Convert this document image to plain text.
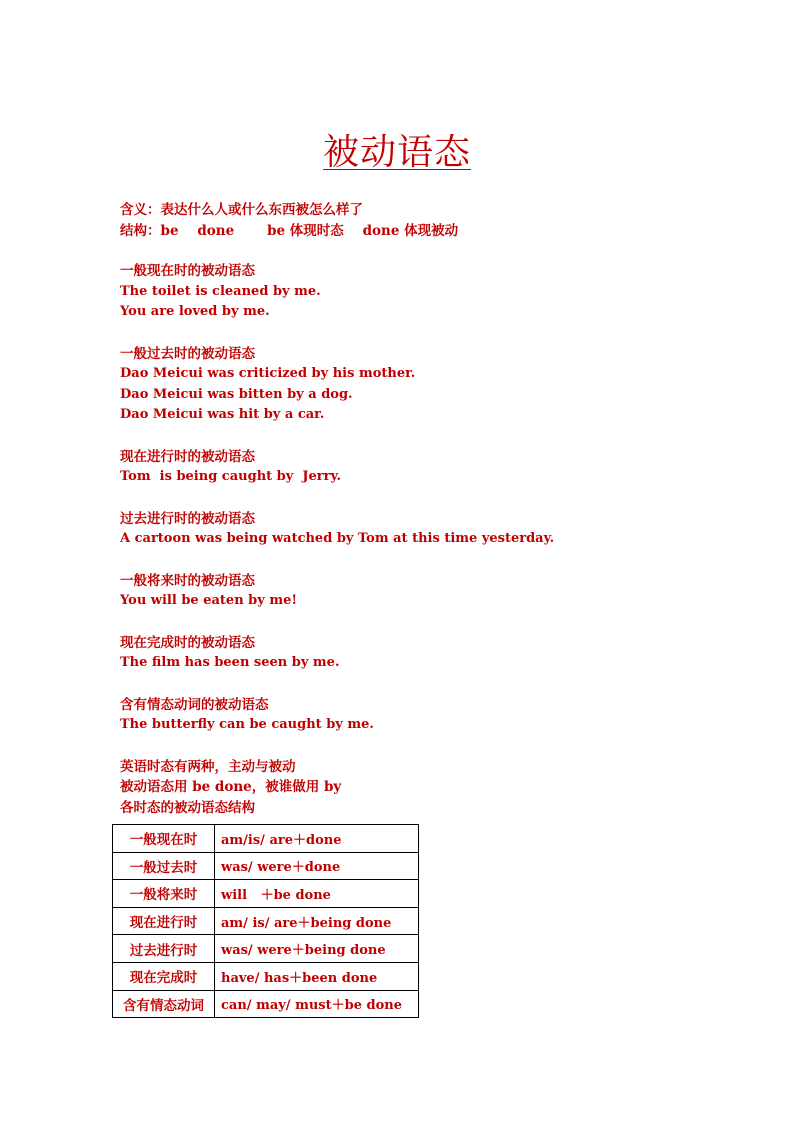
被动语态
含义：表达什么人或什么东西被怎么样了
结构：be    done       be 体现时态    done 体现被动
一般现在时的被动语态
The toilet is cleaned by me.
You are loved by me.
一般过去时的被动语态
Dao Meicui was criticized by his mother.
Dao Meicui was bitten by a dog.
Dao Meicui was hit by a car.
现在进行时的被动语态
Tom  is being caught by  Jerry.
过去进行时的被动语态
A cartoon was being watched by Tom at this time yesterday.
一般将来时的被动语态
You will be eaten by me!
现在完成时的被动语态
The film has been seen by me.
含有情态动词的被动语态
The butterfly can be caught by me.
英语时态有两种，主动与被动
被动语态用 be done，被谁做用 by
各时态的被动语态结构
一般现在时	am/is/ are＋done
一般过去时	was/ were＋done
一般将来时	will   ＋be done
现在进行时	am/ is/ are＋being done
过去进行时	was/ were＋being done
现在完成时	have/ has＋been done
含有情态动词	can/ may/ must＋be done
